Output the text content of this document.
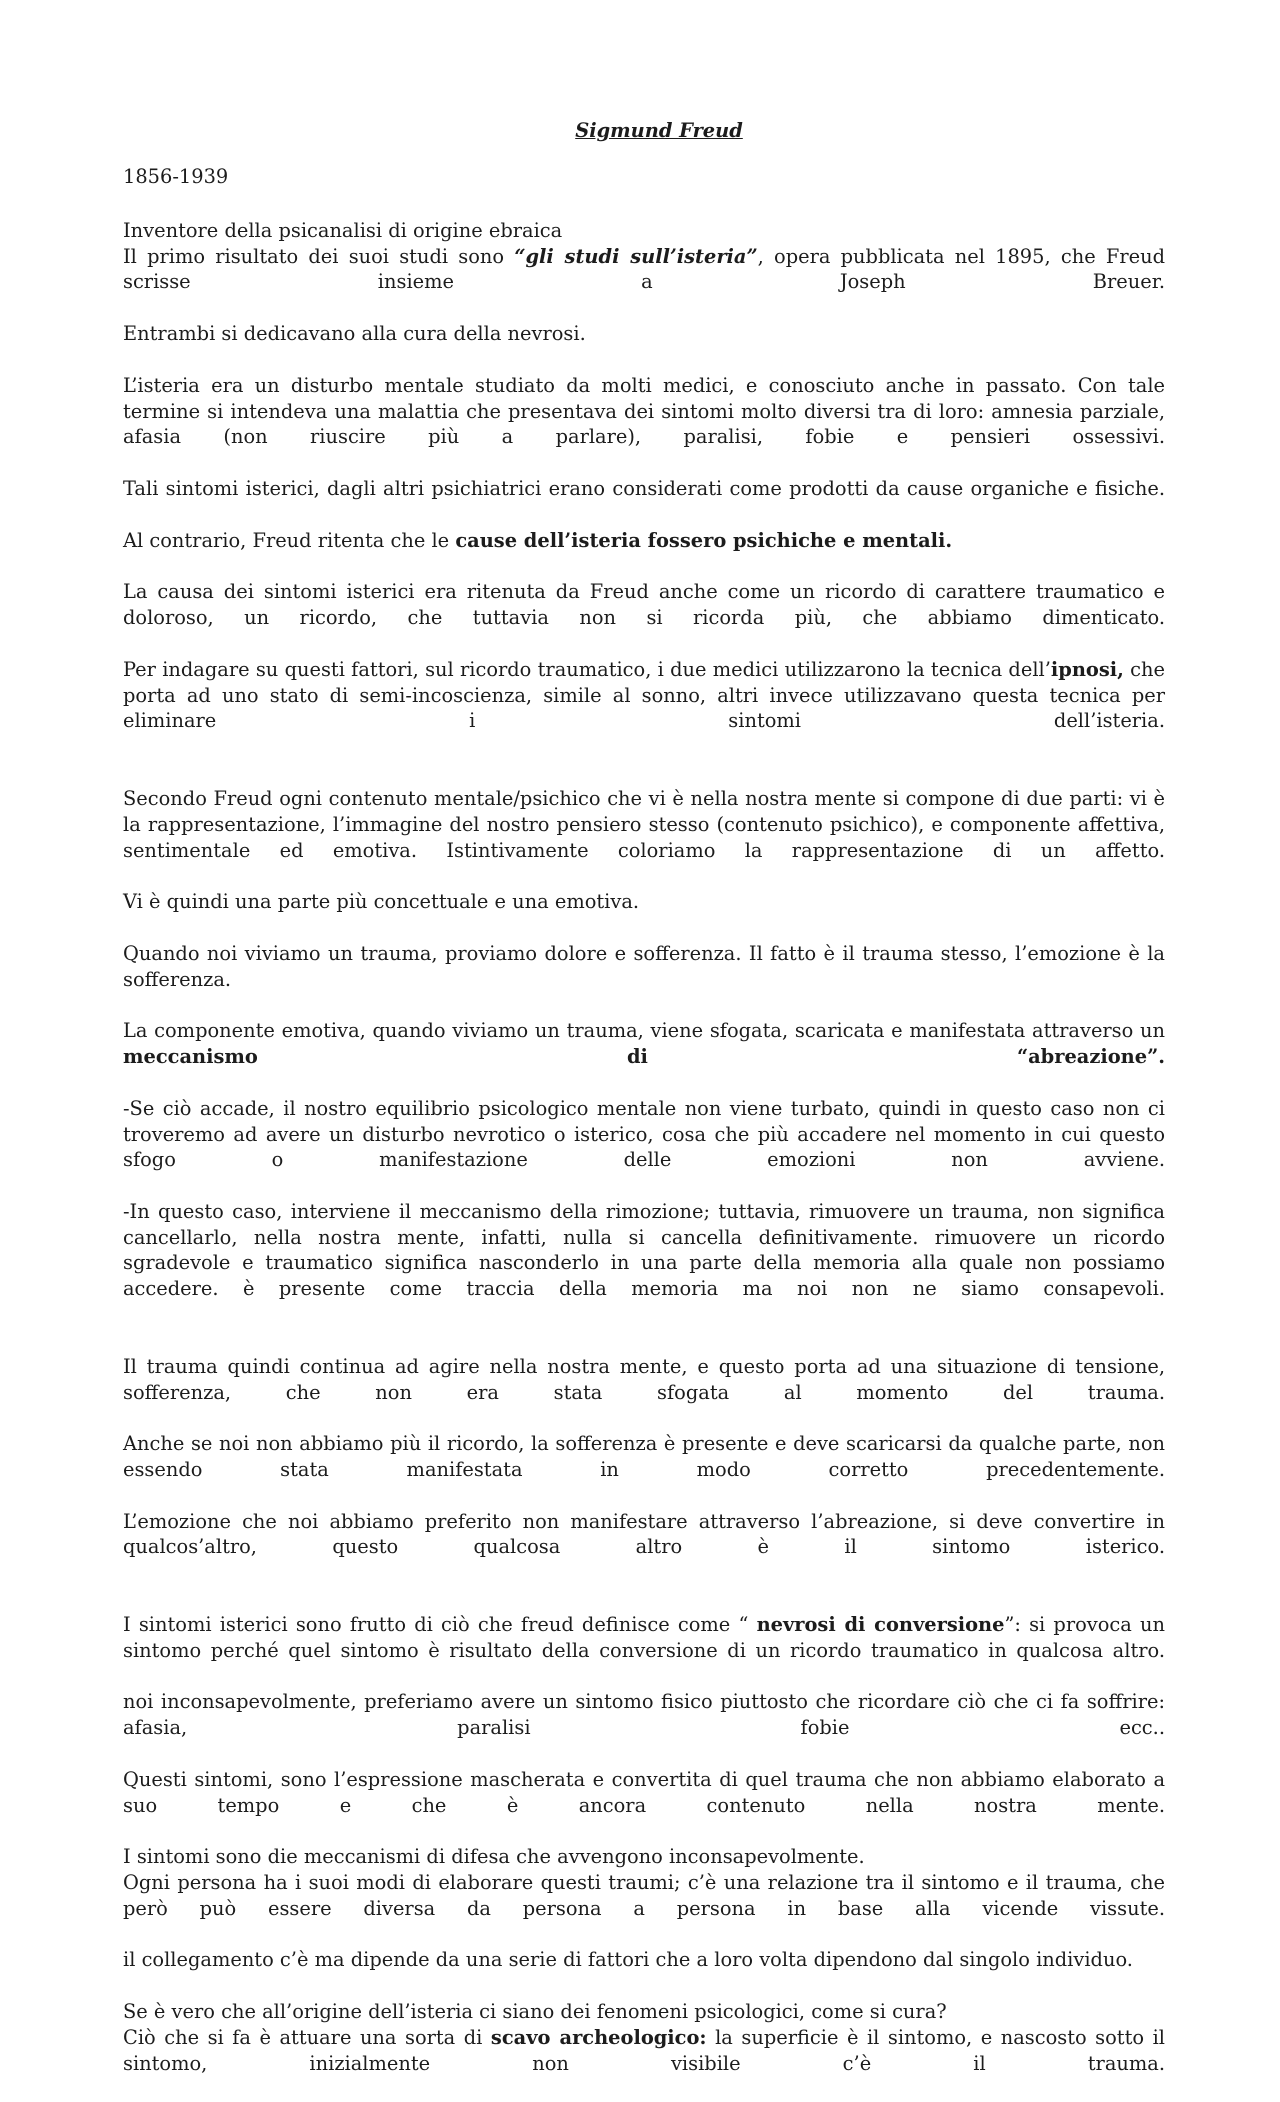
Sigmund Freud

1856-1939

Inventore della psicanalisi di origine ebraica
Il primo risultato dei suoi studi sono “gli studi sull’isteria”, opera pubblicata nel 1895, che Freud scrisse insieme a Joseph Breuer.
Entrambi si dedicavano alla cura della nevrosi.
L’isteria era un disturbo mentale studiato da molti medici, e conosciuto anche in passato. Con tale termine si intendeva una malattia che presentava dei sintomi molto diversi tra di loro: amnesia parziale, afasia (non riuscire più a parlare), paralisi, fobie e pensieri ossessivi.
Tali sintomi isterici, dagli altri psichiatrici erano considerati come prodotti da cause organiche e fisiche.
Al contrario, Freud ritenta che le cause dell’isteria fossero psichiche e mentali.
La causa dei sintomi isterici era ritenuta da Freud anche come un ricordo di carattere traumatico e doloroso, un ricordo, che tuttavia non si ricorda più, che abbiamo dimenticato.
Per indagare su questi fattori, sul ricordo traumatico, i due medici utilizzarono la tecnica dell’ipnosi, che porta ad uno stato di semi-incoscienza, simile al sonno, altri invece utilizzavano questa tecnica per eliminare i sintomi dell’isteria.
Secondo Freud ogni contenuto mentale/psichico che vi è nella nostra mente si compone di due parti: vi è la rappresentazione, l’immagine del nostro pensiero stesso (contenuto psichico), e componente affettiva, sentimentale ed emotiva. Istintivamente coloriamo la rappresentazione di un affetto.
Vi è quindi una parte più concettuale e una emotiva.
Quando noi viviamo un trauma, proviamo dolore e sofferenza. Il fatto è il trauma stesso, l’emozione è la sofferenza.
La componente emotiva, quando viviamo un trauma, viene sfogata, scaricata e manifestata attraverso un meccanismo di “abreazione”.
-Se ciò accade, il nostro equilibrio psicologico mentale non viene turbato, quindi in questo caso non ci troveremo ad avere un disturbo nevrotico o isterico, cosa che più accadere nel momento in cui questo sfogo o manifestazione delle emozioni non avviene.
-In questo caso, interviene il meccanismo della rimozione; tuttavia, rimuovere un trauma, non significa cancellarlo, nella nostra mente, infatti, nulla si cancella definitivamente. rimuovere un ricordo sgradevole e traumatico significa nasconderlo in una parte della memoria alla quale non possiamo accedere. è presente come traccia della memoria ma noi non ne siamo consapevoli.
Il trauma quindi continua ad agire nella nostra mente, e questo porta ad una situazione di tensione, sofferenza, che non era stata sfogata al momento del trauma.
Anche se noi non abbiamo più il ricordo, la sofferenza è presente e deve scaricarsi da qualche parte, non essendo stata manifestata in modo corretto precedentemente.
L’emozione che noi abbiamo preferito non manifestare attraverso l’abreazione, si deve convertire in qualcos’altro, questo qualcosa altro è il sintomo isterico.
I sintomi isterici sono frutto di ciò che freud definisce come “ nevrosi di conversione”: si provoca un sintomo perché quel sintomo è risultato della conversione di un ricordo traumatico in qualcosa altro.
noi inconsapevolmente, preferiamo avere un sintomo fisico piuttosto che ricordare ciò che ci fa soffrire: afasia, paralisi fobie ecc..
Questi sintomi, sono l’espressione mascherata e convertita di quel trauma che non abbiamo elaborato a suo tempo e che è ancora contenuto nella nostra mente.
I sintomi sono die meccanismi di difesa che avvengono inconsapevolmente.
Ogni persona ha i suoi modi di elaborare questi traumi; c’è una relazione tra il sintomo e il trauma, che però può essere diversa da persona a persona in base alla vicende vissute.
il collegamento c’è ma dipende da una serie di fattori che a loro volta dipendono dal singolo individuo.
Se è vero che all’origine dell’isteria ci siano dei fenomeni psicologici, come si cura?
Ciò che si fa è attuare una sorta di scavo archeologico: la superficie è il sintomo, e nascosto sotto il sintomo, inizialmente non visibile c’è il trauma.
